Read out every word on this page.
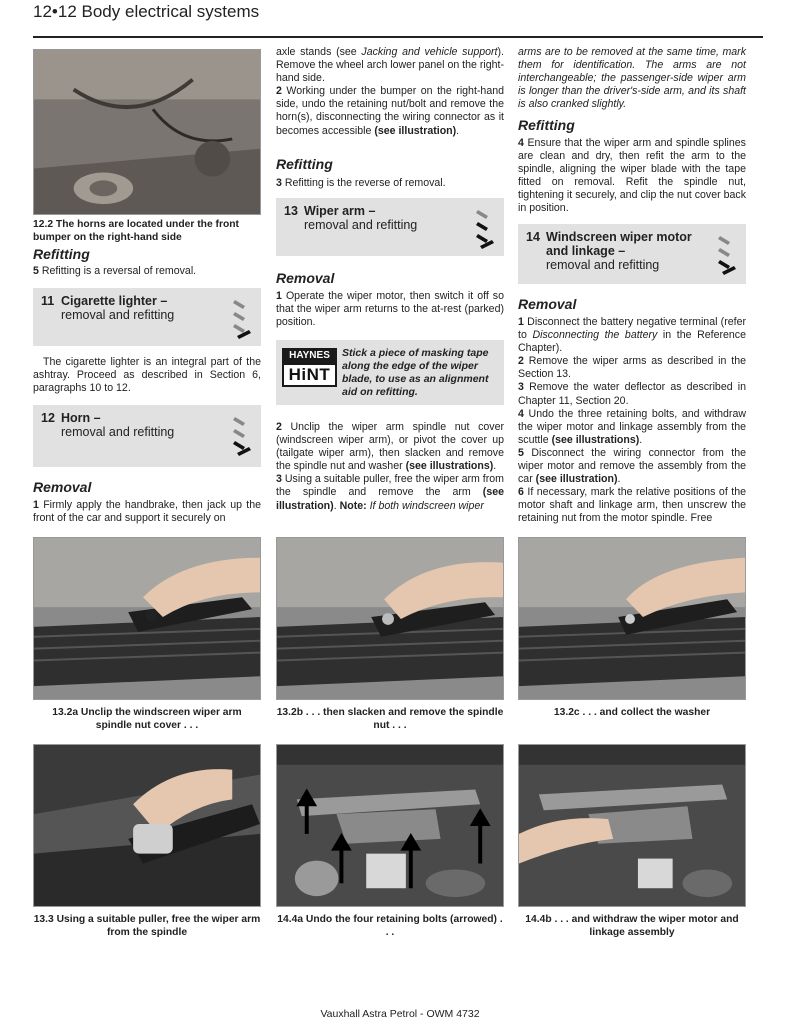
12•12 Body electrical systems
12.2 The horns are located under the front bumper on the right-hand side
Refitting

5 Refitting is a reversal of removal.

11 Cigarette lighter –
removal and refitting

The cigarette lighter is an integral part of the ashtray. Proceed as described in Section 6, paragraphs 10 to 12.

12 Horn –
removal and refitting
Removal

1 Firmly apply the handbrake, then jack up the front of the car and support it securely on

axle stands (see Jacking and vehicle support). Remove the wheel arch lower panel on the right-hand side.

2 Working under the bumper on the right-hand side, undo the retaining nut/bolt and remove the horn(s), disconnecting the wiring connector as it becomes accessible (see illustration).

Refitting

3 Refitting is the reverse of removal.

13 Wiper arm –
removal and refitting
Removal

1 Operate the wiper motor, then switch it off so that the wiper arm returns to the at-rest (parked) position.

HAYNES
HiNT
Stick a piece of masking tape along the edge of the wiper blade, to use as an alignment aid on refitting.

2 Unclip the wiper arm spindle nut cover (windscreen wiper arm), or pivot the cover up (tailgate wiper arm), then slacken and remove the spindle nut and washer (see illustrations).

3 Using a suitable puller, free the wiper arm from the spindle and remove the arm (see illustration). Note: If both windscreen wiper

arms are to be removed at the same time, mark them for identification. The arms are not interchangeable; the passenger-side wiper arm is longer than the driver's-side arm, and its shaft is also cranked slightly.

Refitting

4 Ensure that the wiper arm and spindle splines are clean and dry, then refit the arm to the spindle, aligning the wiper blade with the tape fitted on removal. Refit the spindle nut, tightening it securely, and clip the nut cover back in position.

14 Windscreen wiper motor
and linkage –
removal and refitting
Removal

1 Disconnect the battery negative terminal (refer to Disconnecting the battery in the Reference Chapter).

2 Remove the wiper arms as described in the Section 13.

3 Remove the water deflector as described in Chapter 11, Section 20.

4 Undo the three retaining bolts, and withdraw the wiper motor and linkage assembly from the scuttle (see illustrations).

5 Disconnect the wiring connector from the wiper motor and remove the assembly from the car (see illustration).

6 If necessary, mark the relative positions of the motor shaft and linkage arm, then unscrew the retaining nut from the motor spindle. Free

13.2a Unclip the windscreen wiper arm spindle nut cover . . .
13.2b . . . then slacken and remove the spindle nut . . .
13.2c . . . and collect the washer
13.3 Using a suitable puller, free the wiper arm from the spindle
14.4a Undo the four retaining bolts (arrowed) . . .
14.4b . . . and withdraw the wiper motor and linkage assembly
Vauxhall Astra Petrol - OWM 4732
